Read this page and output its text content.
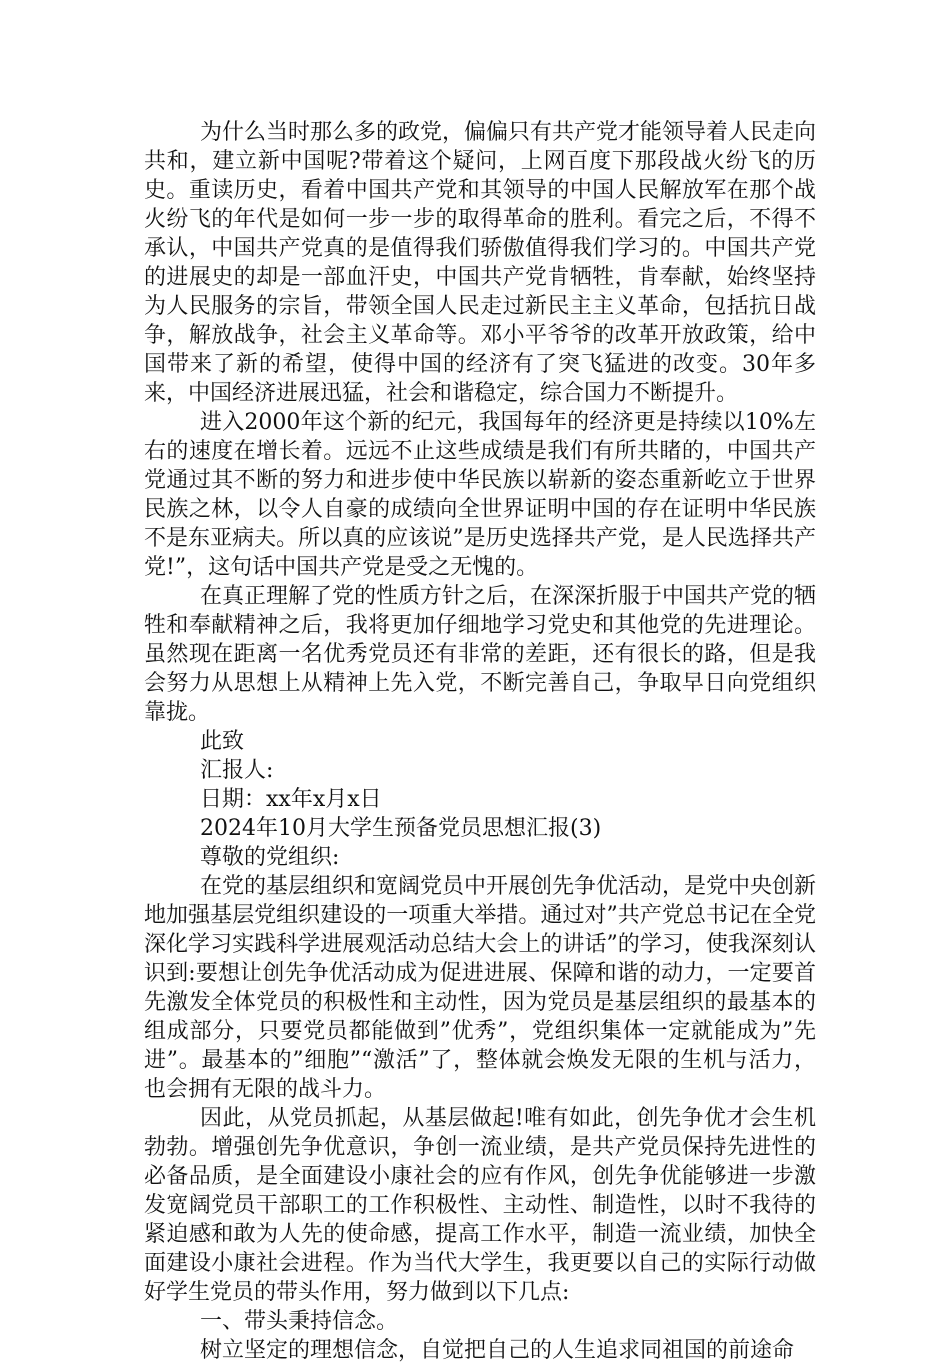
为什么当时那么多的政党，偏偏只有共产党才能领导着人民走向共和，建立新中国呢?带着这个疑问，上网百度下那段战火纷飞的历史。重读历史，看着中国共产党和其领导的中国人民解放军在那个战火纷飞的年代是如何一步一步的取得革命的胜利。看完之后，不得不承认，中国共产党真的是值得我们骄傲值得我们学习的。中国共产党的进展史的却是一部血汗史，中国共产党肯牺牲，肯奉献，始终坚持为人民服务的宗旨，带领全国人民走过新民主主义革命，包括抗日战争，解放战争，社会主义革命等。邓小平爷爷的改革开放政策，给中国带来了新的希望，使得中国的经济有了突飞猛进的改变。30年多来，中国经济进展迅猛，社会和谐稳定，综合国力不断提升。

进入2000年这个新的纪元，我国每年的经济更是持续以10%左右的速度在增长着。远远不止这些成绩是我们有所共睹的，中国共产党通过其不断的努力和进步使中华民族以崭新的姿态重新屹立于世界民族之林，以令人自豪的成绩向全世界证明中国的存在证明中华民族不是东亚病夫。所以真的应该说”是历史选择共产党，是人民选择共产党!”，这句话中国共产党是受之无愧的。

在真正理解了党的性质方针之后，在深深折服于中国共产党的牺牲和奉献精神之后，我将更加仔细地学习党史和其他党的先进理论。虽然现在距离一名优秀党员还有非常的差距，还有很长的路，但是我会努力从思想上从精神上先入党，不断完善自己，争取早日向党组织靠拢。

此致

汇报人:

日期：xx年x月x日

2024年10月大学生预备党员思想汇报(3)

尊敬的党组织:

在党的基层组织和宽阔党员中开展创先争优活动，是党中央创新地加强基层党组织建设的一项重大举措。通过对”共产党总书记在全党深化学习实践科学进展观活动总结大会上的讲话”的学习，使我深刻认识到:要想让创先争优活动成为促进进展、保障和谐的动力，一定要首先激发全体党员的积极性和主动性，因为党员是基层组织的最基本的组成部分，只要党员都能做到”优秀”，党组织集体一定就能成为”先进”。最基本的”细胞”“激活”了，整体就会焕发无限的生机与活力，也会拥有无限的战斗力。

因此，从党员抓起，从基层做起!唯有如此，创先争优才会生机勃勃。增强创先争优意识，争创一流业绩，是共产党员保持先进性的必备品质，是全面建设小康社会的应有作风，创先争优能够进一步激发宽阔党员干部职工的工作积极性、主动性、制造性，以时不我待的紧迫感和敢为人先的使命感，提高工作水平，制造一流业绩，加快全面建设小康社会进程。作为当代大学生，我更要以自己的实际行动做好学生党员的带头作用，努力做到以下几点:

一、带头秉持信念。

树立坚定的理想信念，自觉把自己的人生追求同祖国的前途命
